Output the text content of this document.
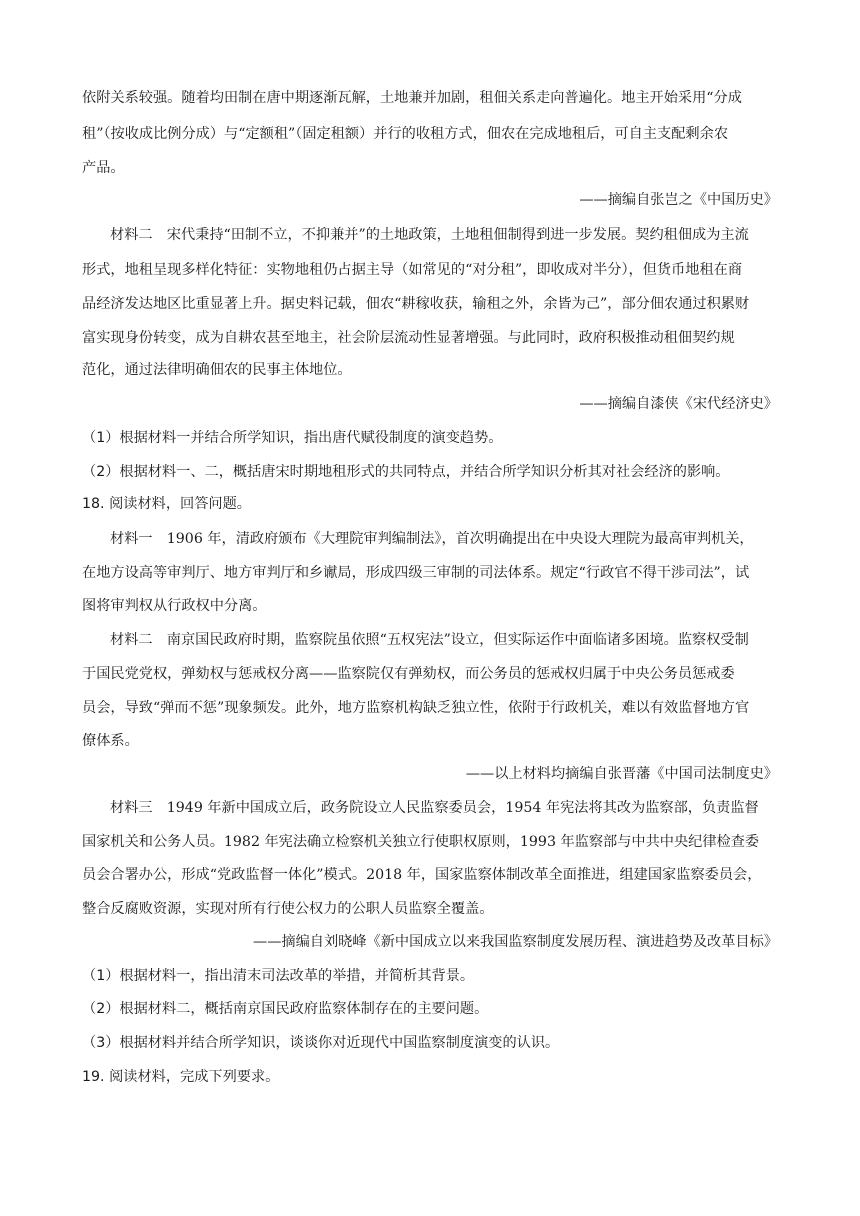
依附关系较强。随着均田制在唐中期逐渐瓦解，土地兼并加剧，租佃关系走向普遍化。地主开始采用“分成
租”（按收成比例分成）与“定额租”（固定租额）并行的收租方式，佃农在完成地租后，可自主支配剩余农
产品。
——摘编自张岂之《中国历史》
材料二　宋代秉持“田制不立，不抑兼并”的土地政策，土地租佃制得到进一步发展。契约租佃成为主流
形式，地租呈现多样化特征：实物地租仍占据主导（如常见的“对分租”，即收成对半分），但货币地租在商
品经济发达地区比重显著上升。据史料记载，佃农“耕稼收获，输租之外，余皆为己”，部分佃农通过积累财
富实现身份转变，成为自耕农甚至地主，社会阶层流动性显著增强。与此同时，政府积极推动租佃契约规
范化，通过法律明确佃农的民事主体地位。
——摘编自漆侠《宋代经济史》
（1）根据材料一并结合所学知识，指出唐代赋役制度的演变趋势。
（2）根据材料一、二，概括唐宋时期地租形式的共同特点，并结合所学知识分析其对社会经济的影响。
18. 阅读材料，回答问题。
材料一　1906 年，清政府颁布《大理院审判编制法》，首次明确提出在中央设大理院为最高审判机关，
在地方设高等审判厅、地方审判厅和乡谳局，形成四级三审制的司法体系。规定“行政官不得干涉司法”，试
图将审判权从行政权中分离。
材料二　南京国民政府时期，监察院虽依照“五权宪法”设立，但实际运作中面临诸多困境。监察权受制
于国民党党权，弹劾权与惩戒权分离——监察院仅有弹劾权，而公务员的惩戒权归属于中央公务员惩戒委
员会，导致“弹而不惩”现象频发。此外，地方监察机构缺乏独立性，依附于行政机关，难以有效监督地方官
僚体系。
——以上材料均摘编自张晋藩《中国司法制度史》
材料三　1949 年新中国成立后，政务院设立人民监察委员会，1954 年宪法将其改为监察部，负责监督
国家机关和公务人员。1982 年宪法确立检察机关独立行使职权原则，1993 年监察部与中共中央纪律检查委
员会合署办公，形成“党政监督一体化”模式。2018 年，国家监察体制改革全面推进，组建国家监察委员会，
整合反腐败资源，实现对所有行使公权力的公职人员监察全覆盖。
——摘编自刘晓峰《新中国成立以来我国监察制度发展历程、演进趋势及改革目标》
（1）根据材料一，指出清末司法改革的举措，并简析其背景。
（2）根据材料二，概括南京国民政府监察体制存在的主要问题。
（3）根据材料并结合所学知识，谈谈你对近现代中国监察制度演变的认识。
19. 阅读材料，完成下列要求。
